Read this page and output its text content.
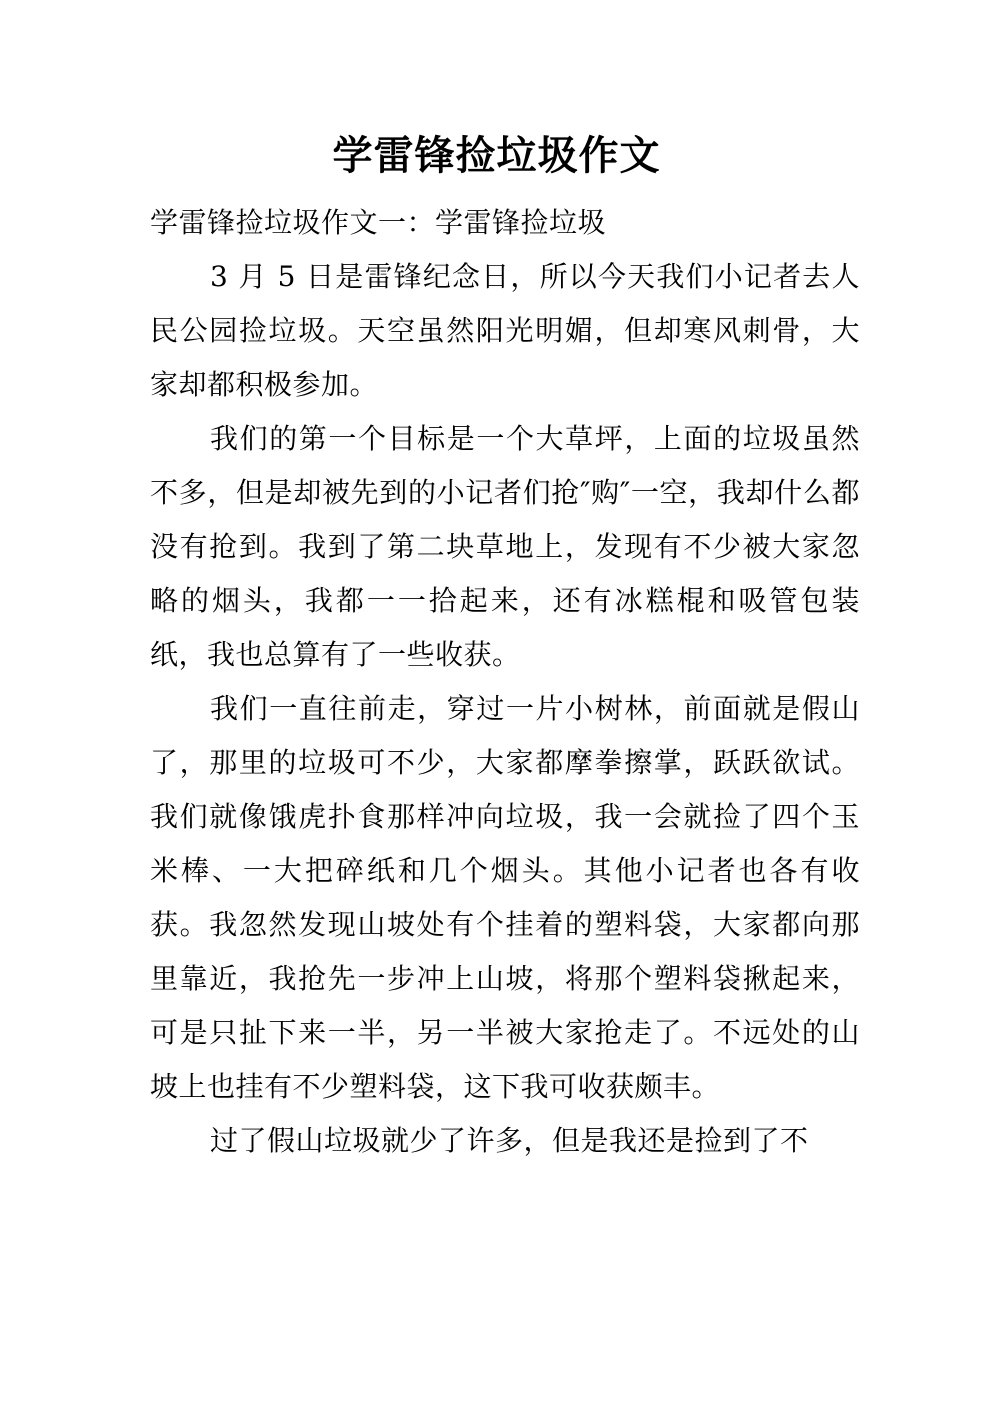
学雷锋捡垃圾作文

学雷锋捡垃圾作文一：学雷锋捡垃圾

3 月 5 日是雷锋纪念日，所以今天我们小记者去人民公园捡垃圾。天空虽然阳光明媚，但却寒风刺骨，大家却都积极参加。

我们的第一个目标是一个大草坪，上面的垃圾虽然不多，但是却被先到的小记者们抢″购″一空，我却什么都没有抢到。我到了第二块草地上，发现有不少被大家忽略的烟头，我都一一拾起来，还有冰糕棍和吸管包装纸，我也总算有了一些收获。

我们一直往前走，穿过一片小树林，前面就是假山了，那里的垃圾可不少，大家都摩拳擦掌，跃跃欲试。我们就像饿虎扑食那样冲向垃圾，我一会就捡了四个玉米棒、一大把碎纸和几个烟头。其他小记者也各有收获。我忽然发现山坡处有个挂着的塑料袋，大家都向那里靠近，我抢先一步冲上山坡，将那个塑料袋揪起来，可是只扯下来一半，另一半被大家抢走了。不远处的山坡上也挂有不少塑料袋，这下我可收获颇丰。

过了假山垃圾就少了许多，但是我还是捡到了不
